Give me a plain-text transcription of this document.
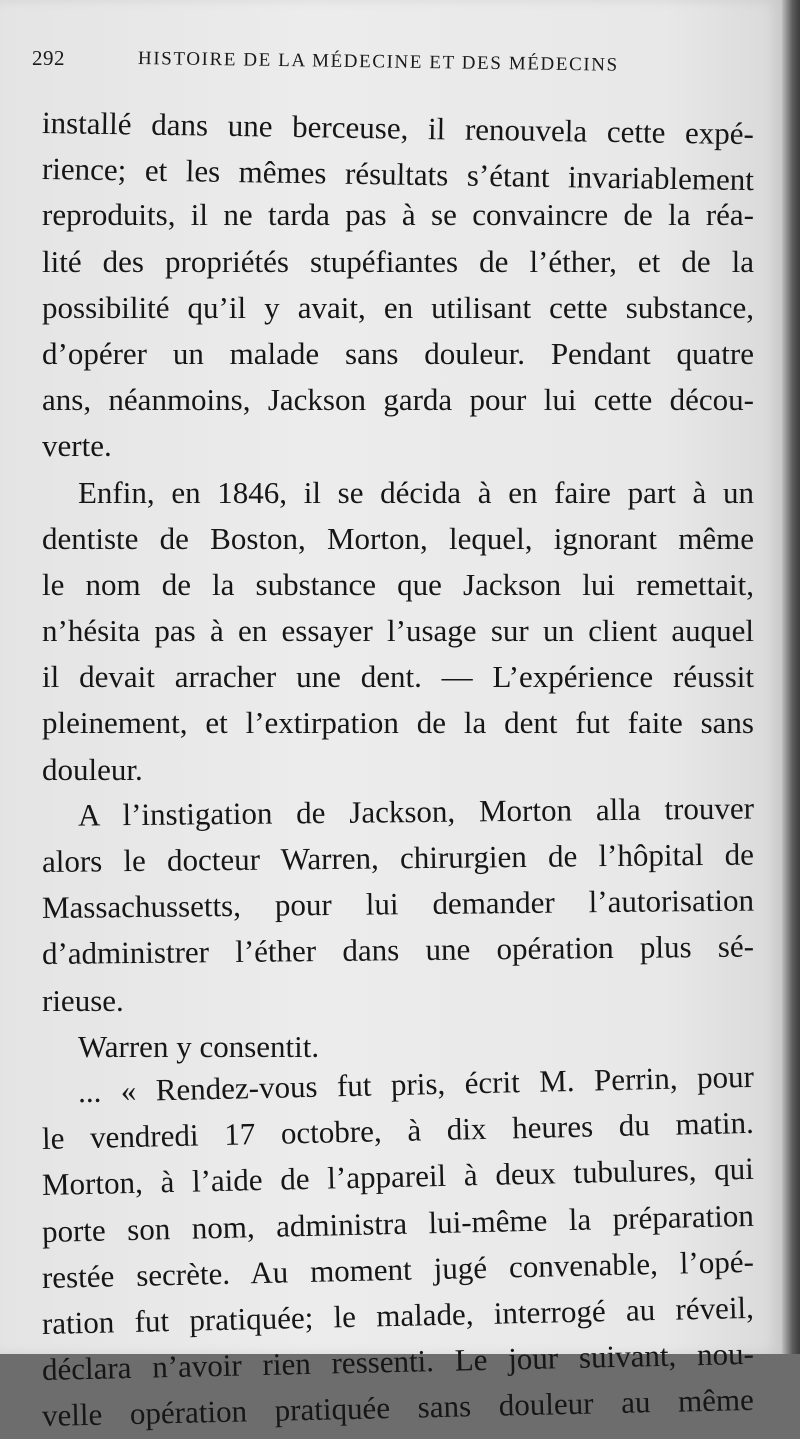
292	HISTOIRE DE LA MÉDECINE ET DES MÉDECINS
installé dans une berceuse, il renouvela cette expé-
rience; et les mêmes résultats s’étant invariablement
reproduits, il ne tarda pas à se convaincre de la réa-
lité des propriétés stupéfiantes de l’éther, et de la
possibilité qu’il y avait, en utilisant cette substance,
d’opérer un malade sans douleur. Pendant quatre
ans, néanmoins, Jackson garda pour lui cette décou-
verte.
Enfin, en 1846, il se décida à en faire part à un
dentiste de Boston, Morton, lequel, ignorant même
le nom de la substance que Jackson lui remettait,
n’hésita pas à en essayer l’usage sur un client auquel
il devait arracher une dent. — L’expérience réussit
pleinement, et l’extirpation de la dent fut faite sans
douleur.
A l’instigation de Jackson, Morton alla trouver
alors le docteur Warren, chirurgien de l’hôpital de
Massachussetts, pour lui demander l’autorisation
d’administrer l’éther dans une opération plus sé-
rieuse.
Warren y consentit.
... « Rendez-vous fut pris, écrit M. Perrin, pour
le vendredi 17 octobre, à dix heures du matin.
Morton, à l’aide de l’appareil à deux tubulures, qui
porte son nom, administra lui-même la préparation
restée secrète. Au moment jugé convenable, l’opé-
ration fut pratiquée; le malade, interrogé au réveil,
déclara n’avoir rien ressenti. Le jour suivant, nou-
velle opération pratiquée sans douleur au même
